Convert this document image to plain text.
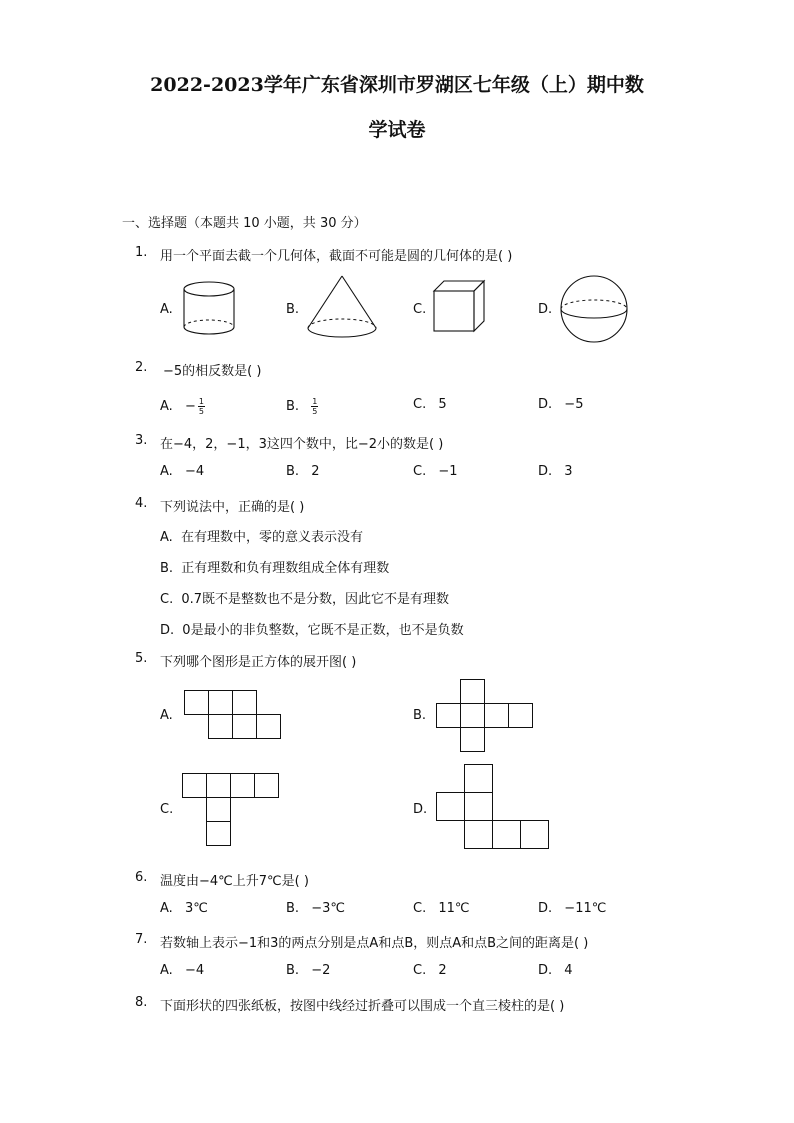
2022-2023学年广东省深圳市罗湖区七年级（上）期中数
学试卷
一、选择题（本题共 10 小题，共 30 分）
1. 用一个平面去截一个几何体，截面不可能是圆的几何体的是( )
A.	B.	C.	D.
2. −5的相反数是( )
A. − $\frac{1}{5}$	B. $\frac{1}{5}$	C. 5	D. −5
3. 在−4，2，−1，3这四个数中，比−2小的数是( )
A. −4	B. 2	C. −1	D. 3
4. 下列说法中，正确的是( )
A. 在有理数中，零的意义表示没有
B. 正有理数和负有理数组成全体有理数
C. 0.7既不是整数也不是分数，因此它不是有理数
D. 0是最小的非负整数，它既不是正数，也不是负数
5. 下列哪个图形是正方体的展开图( )
A.	B.
C.	D.
6. 温度由−4℃上升7℃是( )
A. 3℃	B. −3℃	C. 11℃	D. −11℃
7. 若数轴上表示−1和3的两点分别是点A和点B，则点A和点B之间的距离是( )
A. −4	B. −2	C. 2	D. 4
8. 下面形状的四张纸板，按图中线经过折叠可以围成一个直三棱柱的是( )
